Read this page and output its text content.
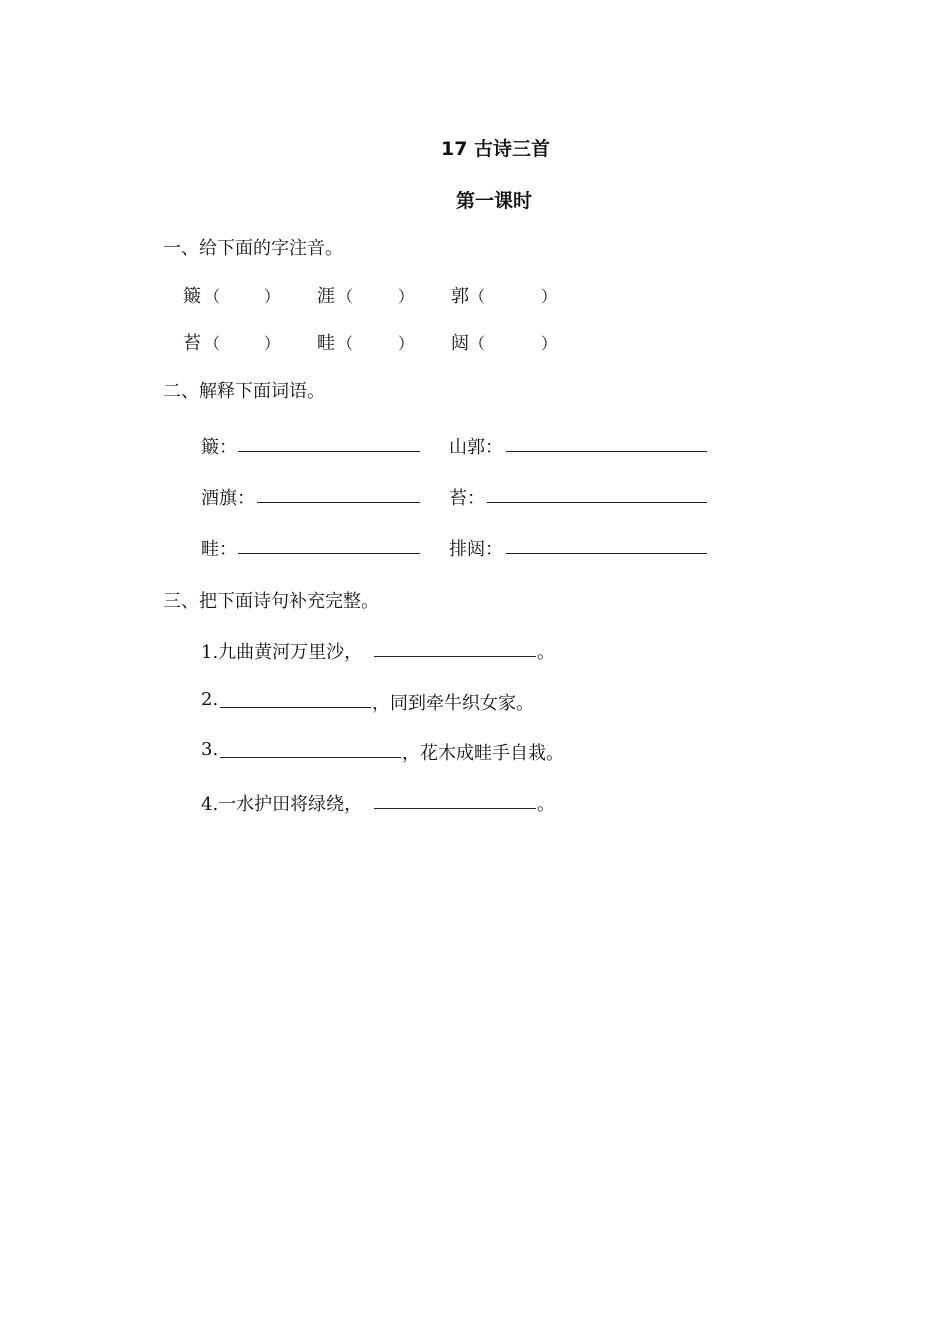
17 古诗三首
第一课时
一、给下面的字注音。
簸 （	） 涯 （	） 郭 （	）
苔 （	） 畦 （	） 闼 （	）
二、解释下面词语。
簸：	山郭：
酒旗：	苔：
畦：	排闼：
三、把下面诗句补充完整。
1.九曲黄河万里沙，	。
2.	，同到牵牛织女家。
3.	，花木成畦手自栽。
4.一水护田将绿绕，	。
